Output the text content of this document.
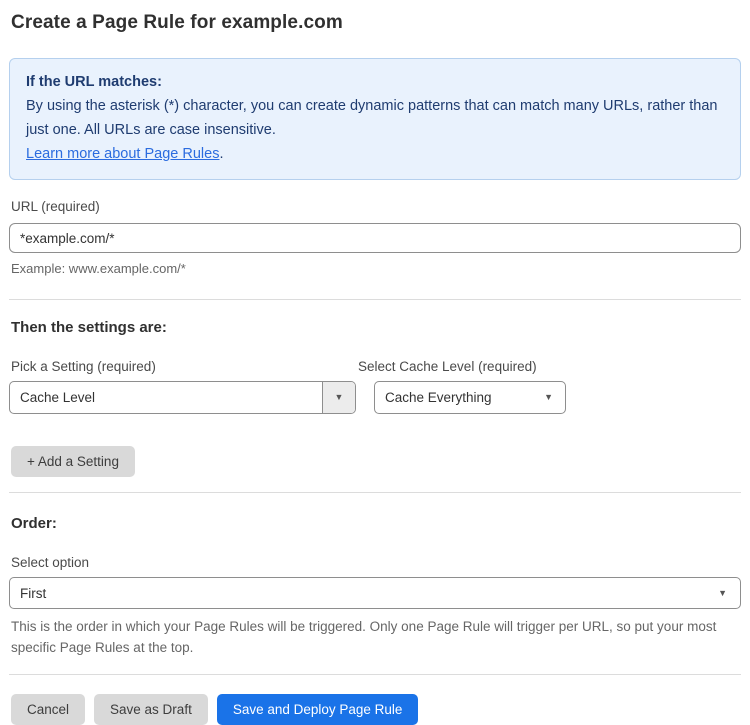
Create a Page Rule for example.com
If the URL matches:
By using the asterisk (*) character, you can create dynamic patterns that can match many URLs, rather than just one. All URLs are case insensitive.
Learn more about Page Rules.
URL (required)
*example.com/*
Example: www.example.com/*
Then the settings are:
Pick a Setting (required)
Cache Level	▼
Select Cache Level (required)
Cache Everything	▼
+ Add a Setting
Order:
Select option
First	▼
This is the order in which your Page Rules will be triggered. Only one Page Rule will trigger per URL, so put your most specific Page Rules at the top.
Cancel	Save as Draft	Save and Deploy Page Rule
